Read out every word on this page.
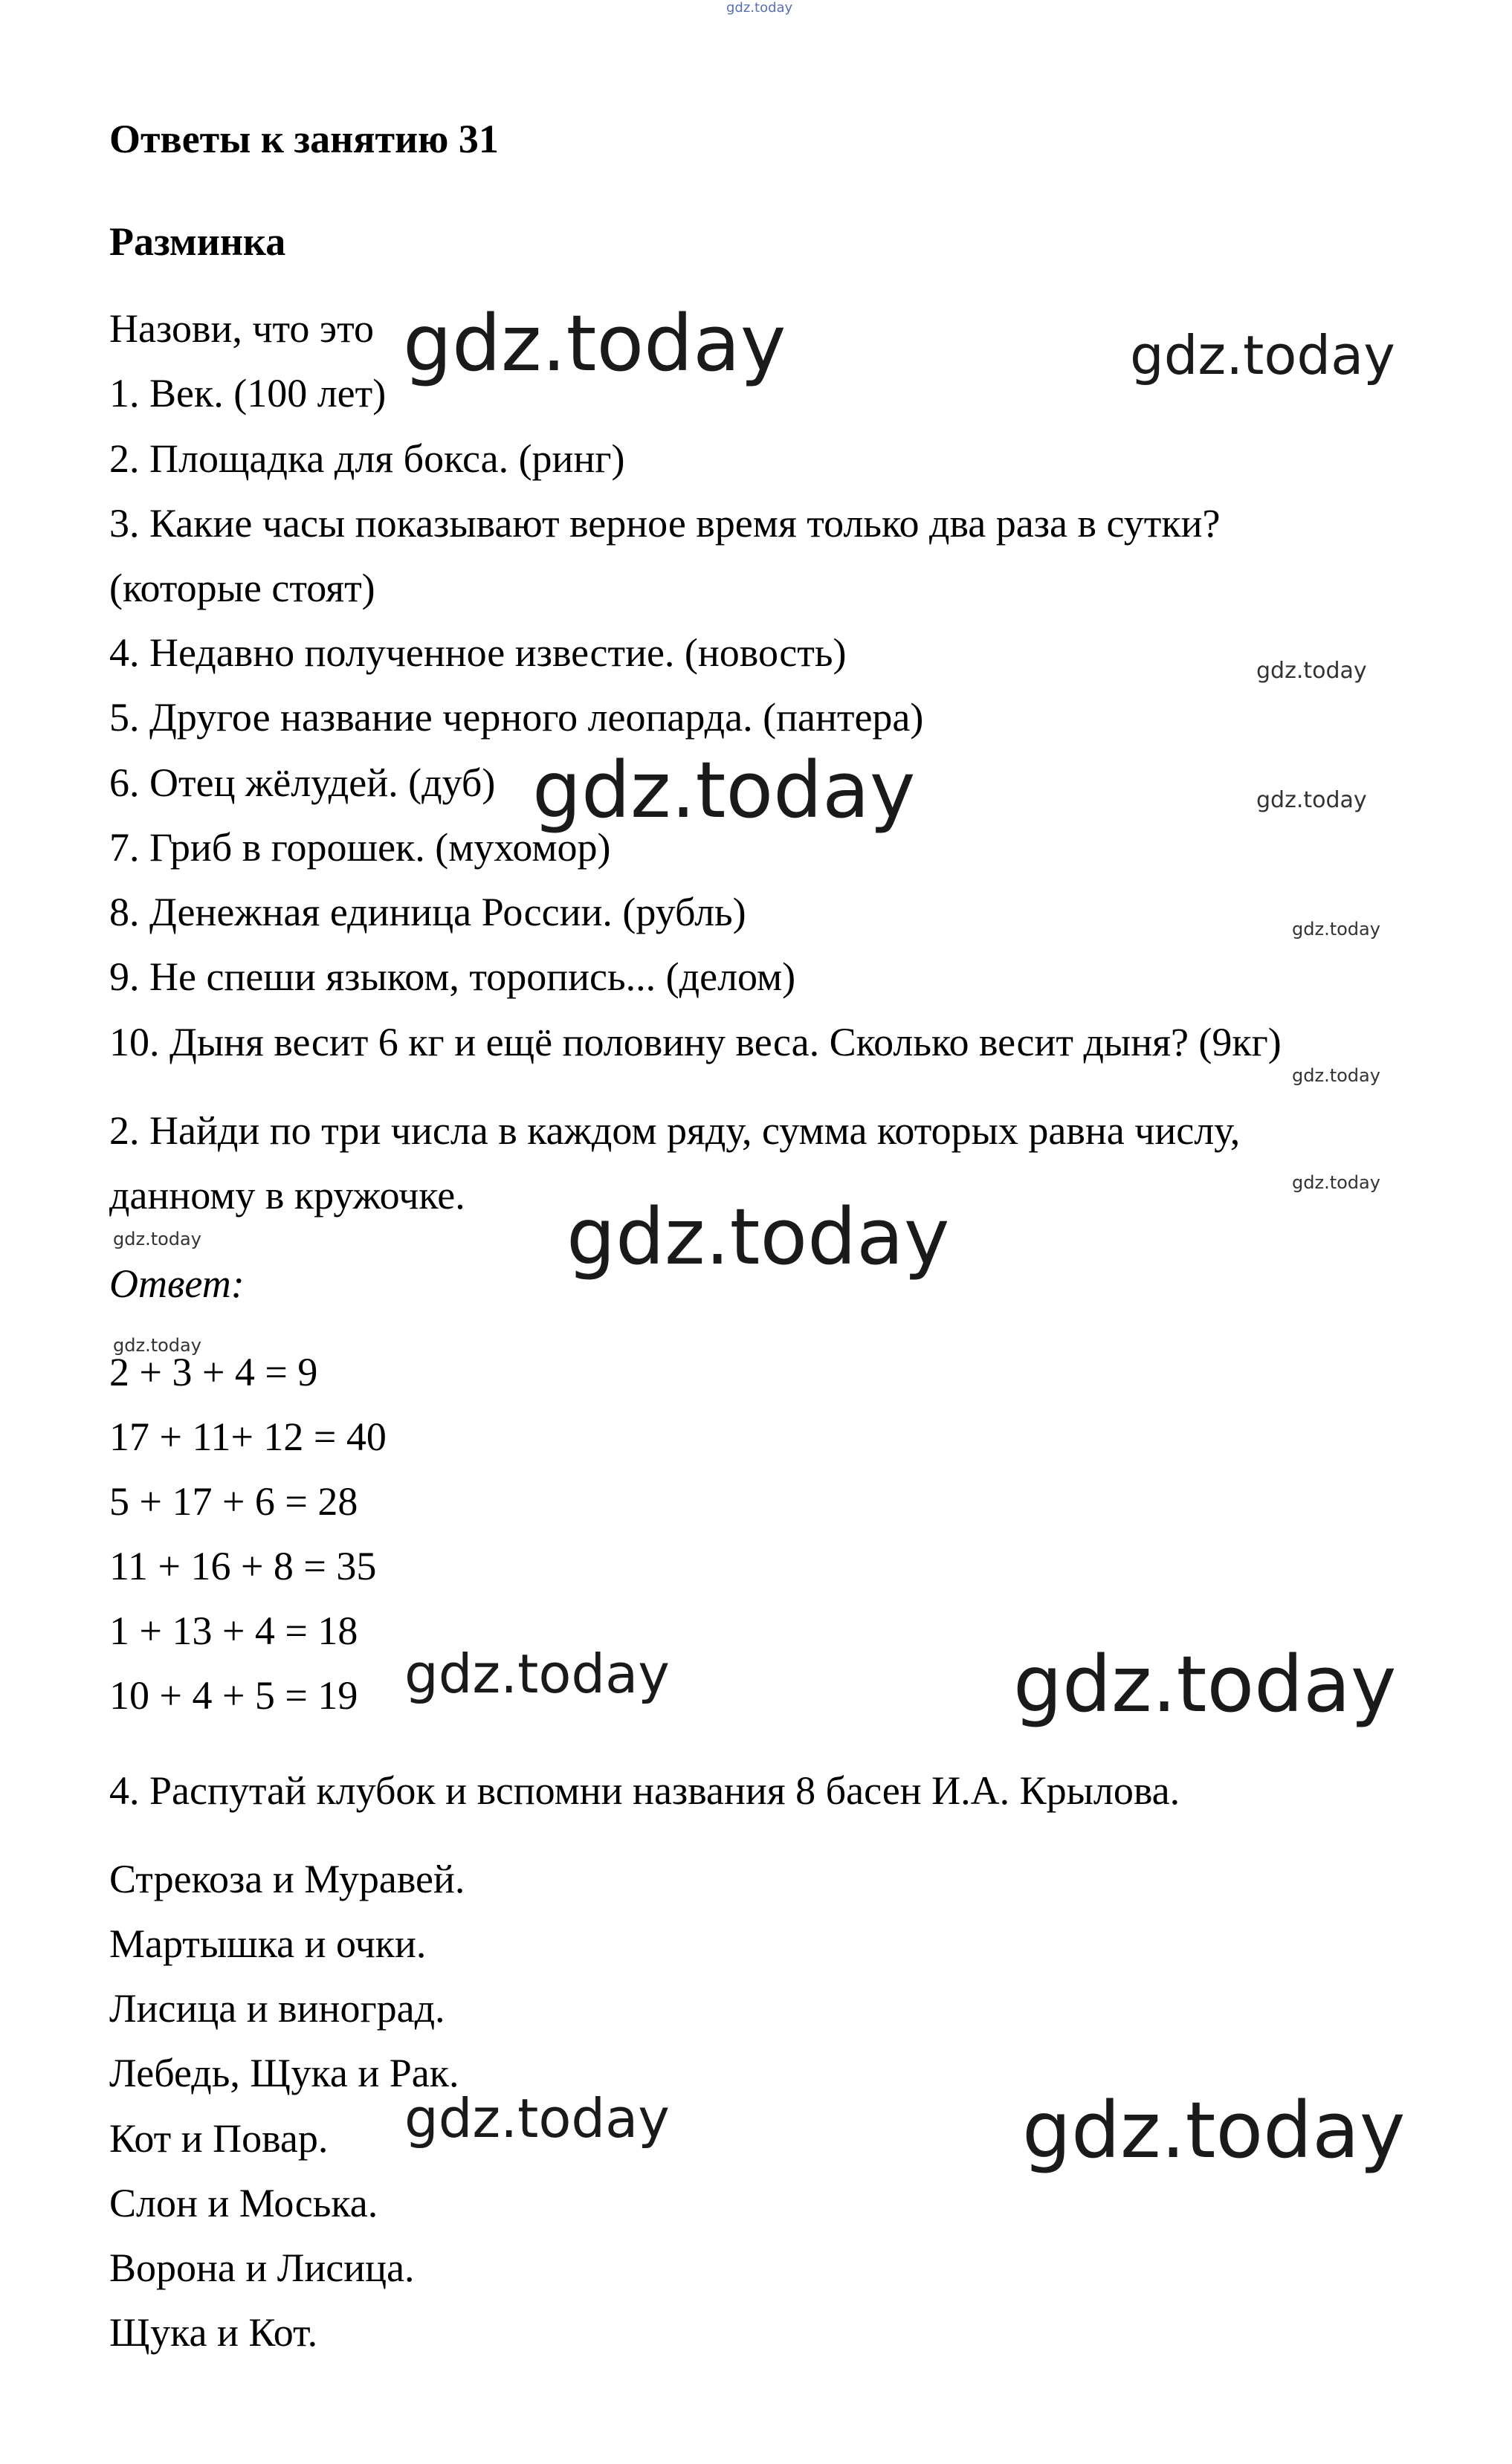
gdz.today
Ответы к занятию 31
Разминка
Назови, что это
1. Век. (100 лет)
2. Площадка для бокса. (ринг)
3. Какие часы показывают верное время только два раза в сутки?
(которые стоят)
4. Недавно полученное известие. (новость)
5. Другое название черного леопарда. (пантера)
6. Отец жёлудей. (дуб)
7. Гриб в горошек. (мухомор)
8. Денежная единица России. (рубль)
9. Не спеши языком, торопись... (делом)
10. Дыня весит 6 кг и ещё половину веса. Сколько весит дыня? (9кг)
2. Найди по три числа в каждом ряду, сумма которых равна числу,
данному в кружочке.
Ответ:
2 + 3 + 4 = 9
17 + 11+ 12 = 40
5 + 17 + 6 = 28
11 + 16 + 8 = 35
1 + 13 + 4 = 18
10 + 4 + 5 = 19
4. Распутай клубок и вспомни названия 8 басен И.А. Крылова.
Стрекоза и Муравей.
Мартышка и очки.
Лисица и виноград.
Лебедь, Щука и Рак.
Кот и Повар.
Слон и Моська.
Ворона и Лисица.
Щука и Кот.
gdz.today	gdz.today
gdz.today
gdz.today	gdz.today
gdz.today
gdz.today
gdz.today
gdz.today
gdz.today
gdz.today
gdz.today	gdz.today
gdz.today	gdz.today
